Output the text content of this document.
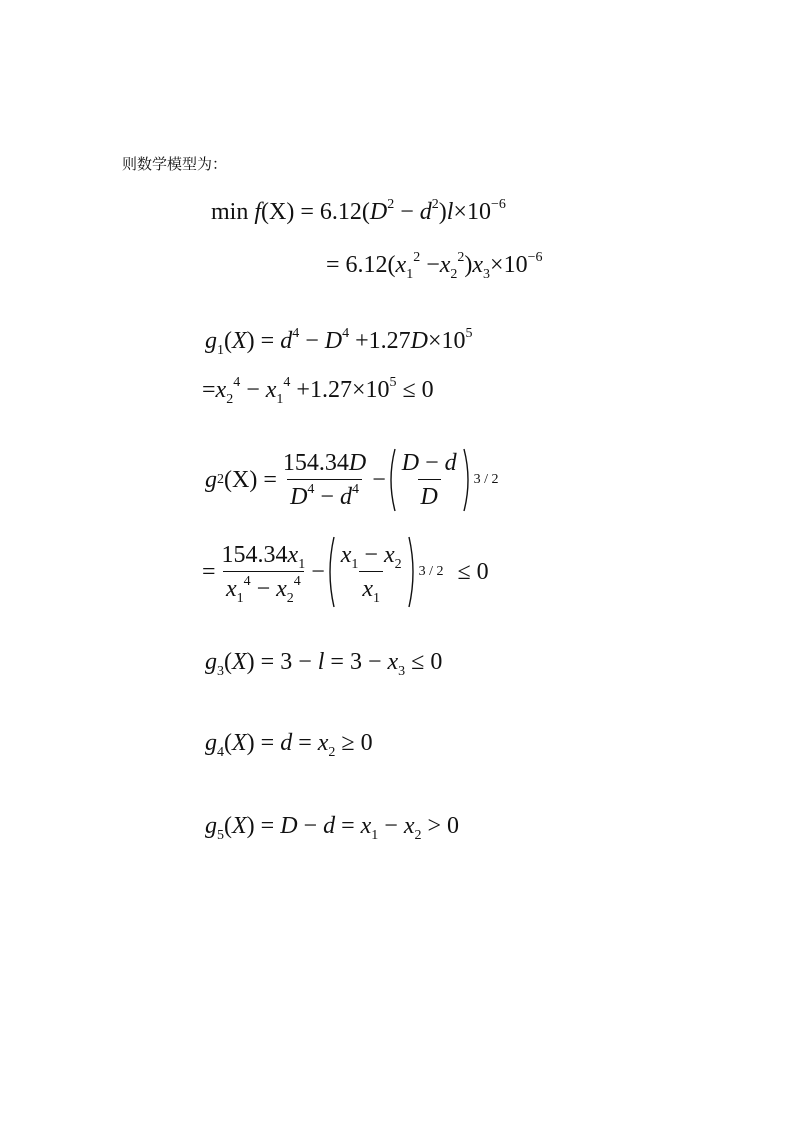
则数学模型为：
$\min f(X) = 6.12(D^2 - d^2)l\times 10^{-6}$
= $6.12(x_1^2 -x_2^2)x_3\times 10^{-6}$
$g_1(X) = d^4 - D^4 +1.27D\times 10^5$
$=x_2^4 - x_1^4 +1.27\times 10^5 \le 0$
g 2 $(X) = \frac{154.34D}{D^4 - d^4} - \frac{D - d}{D} 3 / 2$
= $\frac{154.34x_1}{x_1^4 - x_2^4} - \frac{x_1 - x_2}{x_1} 3 / 2 \le 0$
$g_3(X) = 3 - l = 3 - x_3 \le 0$
$g_4(X) = d = x_2 \ge 0$
$g_5(X) = D - d = x_1 - x_2 > 0$
